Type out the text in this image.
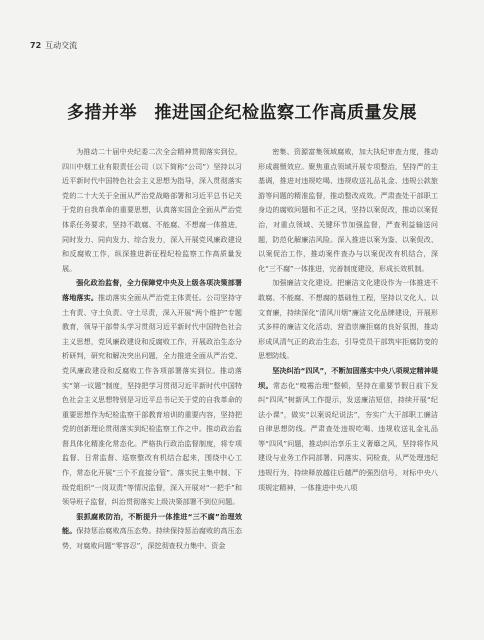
72 互动交流
多措并举　推进国企纪检监察工作高质量发展

为推动二十届中央纪委二次全会精神贯彻落实到位，四川中烟工业有限责任公司（以下简称“公司”）坚持以习近平新时代中国特色社会主义思想为指导，深入贯彻落实党的二十大关于全面从严治党战略部署和习近平总书记关于党的自我革命的重要思想，认真落实国企全面从严治党体系任务要求，坚持不敢腐、不能腐、不想腐一体推进，同时发力、同向发力、综合发力，深入开展党风廉政建设和反腐败工作，纵深推进新征程纪检监察工作高质量发展。

强化政治监督，全力保障党中央及上级各项决策部署落地落实。推动落实全面从严治党主体责任。公司坚持守土有责、守土负责、守土尽责，深入开展“两个维护”专题教育，领导干部带头学习贯彻习近平新时代中国特色社会主义思想，党风廉政建设和反腐败工作，开展政治生态分析研判，研究和解决突出问题，全力推进全面从严治党、党风廉政建设和反腐败工作各项部署落实到位。推动落实“第一议题”制度，坚持把学习贯彻习近平新时代中国特色社会主义思想特别是习近平总书记关于党的自我革命的重要思想作为纪检监察干部教育培训的重要内容，坚持把党的创新理论贯彻落实到纪检监察工作之中。推动政治监督具体化精准化常态化。严格执行政治监督制度，将专项监督、日常监督、巡察整改有机结合起来，围绕中心工作，常态化开展“三个不直接分管”、落实民主集中制、下级党组织“一岗双责”等情况监督，深入开展对“一把手”和领导班子监督，纠治贯彻落实上级决策部署不到位问题。

狠抓腐败防治，不断提升一体推进“三不腐”治理效能。保持惩治腐败高压态势。持续保持惩治腐败的高压态势，对腐败问题“零容忍”，深挖彻查权力集中、资金

密集、资源富集领域腐败，加大执纪审查力度，推动形成震慑效应。聚焦重点领域开展专项整治，坚持严的主基调，推进对违规吃喝、违规收送礼品礼金、违规公款旅游等问题的精准监督，推动整改成效。严肃查处干部职工身边的腐败问题和不正之风，坚持以案促改，推动以案促治，对重点领域、关键环节加强监督，严查利益输送问题，防范化解廉洁风险。深入推进以案为鉴、以案促改、以案促治工作，推动案件查办与以案促改有机结合，深化“三不腐”一体推进，完善制度建设，形成长效机制。

加强廉洁文化建设。把廉洁文化建设作为一体推进不敢腐、不能腐、不想腐的基础性工程，坚持以文化人、以文育廉，持续深化“清风川烟”廉洁文化品牌建设，开展形式多样的廉洁文化活动，营造崇廉拒腐的良好氛围，推动形成风清气正的政治生态，引导党员干部筑牢拒腐防变的思想防线。

坚决纠治“四风”，不断加固落实中央八项规定精神堤坝。常态化“嗅霉治理”整顿，坚持在重要节假日前下发纠“四风”树新风工作提示，发送廉洁短信，持续开展“纪法小课”，做实“以案说纪说法”，夯实广大干部职工廉洁自律思想防线。严肃查处违规吃喝、违规收送礼金礼品等“四风”问题，推动纠治享乐主义奢靡之风，坚持将作风建设与业务工作同部署、同落实、同检查，从严处理违纪违规行为，持续释放越往后越严的强烈信号，对标中央八项规定精神，一体推进中央八项
